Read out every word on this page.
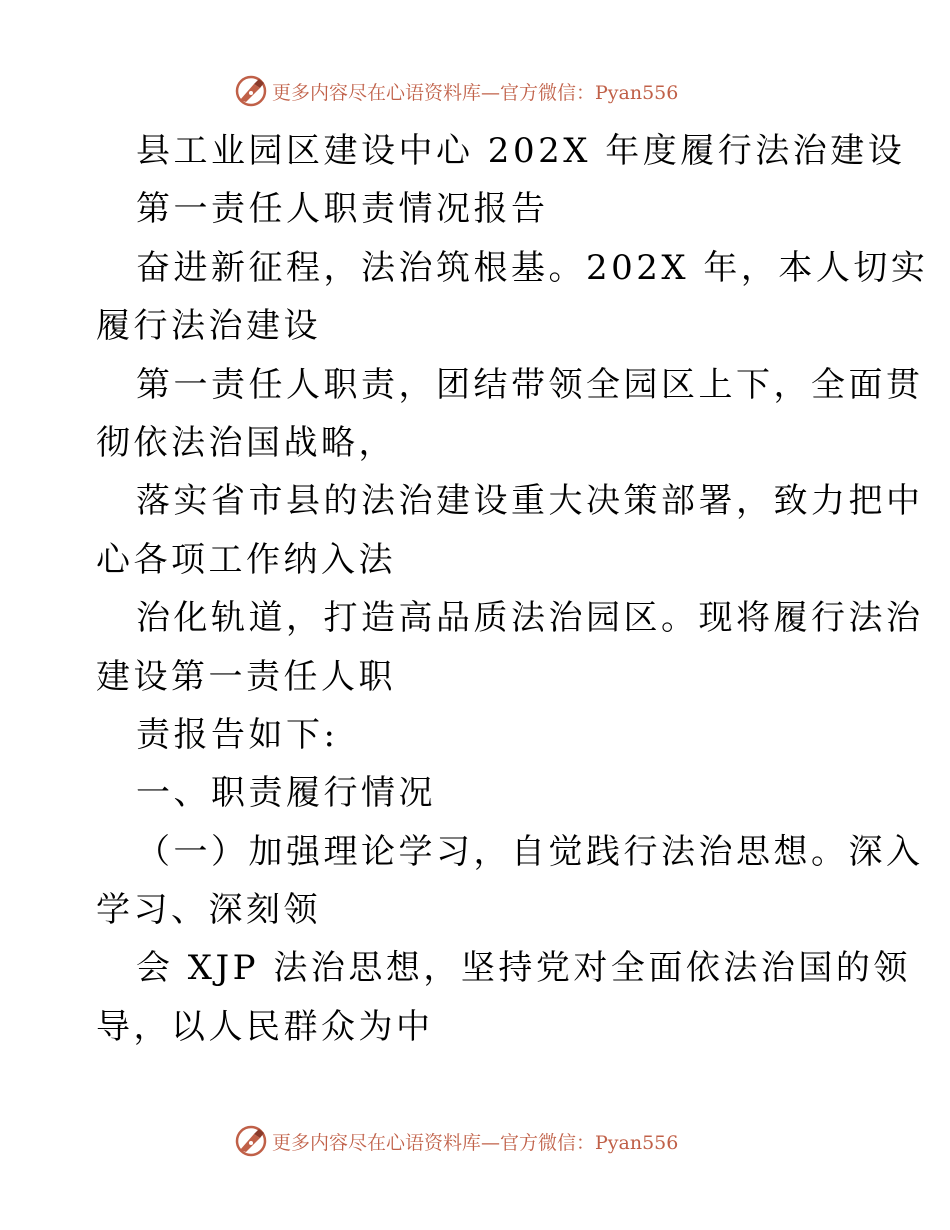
更多内容尽在心语资料库—官方微信：Pyan556
县工业园区建设中心 202X 年度履行法治建设
第一责任人职责情况报告
奋进新征程，法治筑根基。202X 年，本人切实
履行法治建设
第一责任人职责，团结带领全园区上下，全面贯
彻依法治国战略，
落实省市县的法治建设重大决策部署，致力把中
心各项工作纳入法
治化轨道，打造高品质法治园区。现将履行法治
建设第一责任人职
责报告如下:
一、职责履行情况
（一）加强理论学习，自觉践行法治思想。深入
学习、深刻领
会 XJP 法治思想，坚持党对全面依法治国的领
导，以人民群众为中
更多内容尽在心语资料库—官方微信：Pyan556
